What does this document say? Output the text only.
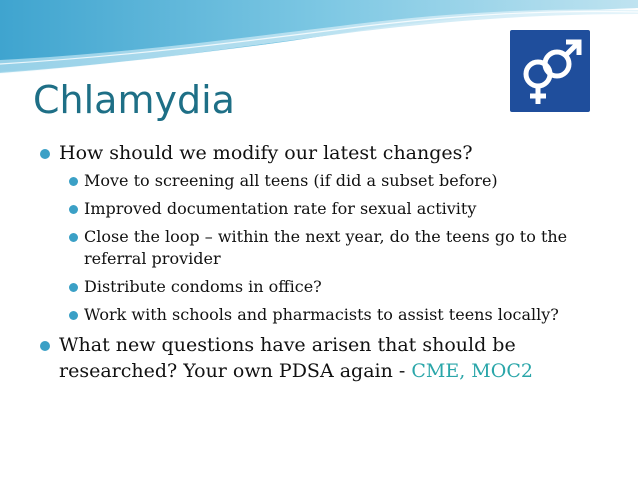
Chlamydia
How should we modify our latest changes?
Move to screening all teens (if did a subset before)
Improved documentation rate for sexual activity
Close the loop – within the next year, do the teens go to the referral provider
Distribute condoms in office?
Work with schools and pharmacists to assist teens locally?
What new questions have arisen that should be researched? Your own PDSA again - CME, MOC2
